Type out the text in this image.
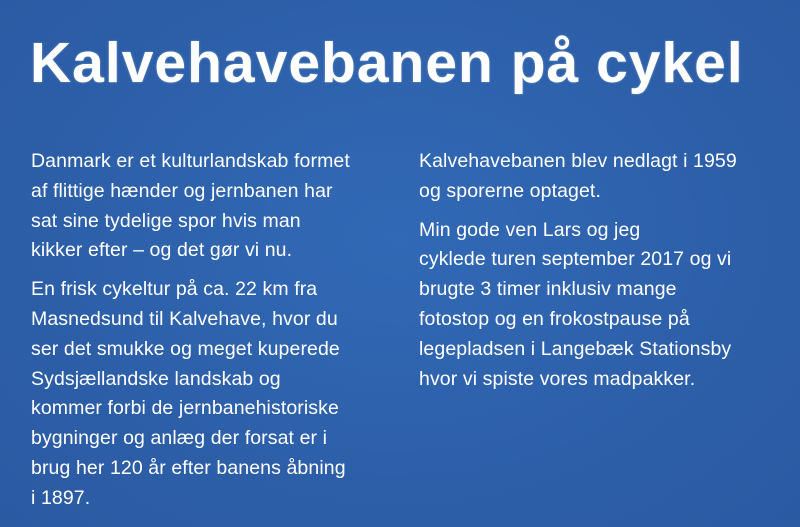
Kalvehavebanen på cykel

Danmark er et kulturlandskab formet
af flittige hænder og jernbanen har
sat sine tydelige spor hvis man
kikker efter – og det gør vi nu.

En frisk cykeltur på ca. 22 km fra
Masnedsund til Kalvehave, hvor du
ser det smukke og meget kuperede
Sydsjællandske landskab og
kommer forbi de jernbanehistoriske
bygninger og anlæg der forsat er i
brug her 120 år efter banens åbning
i 1897.

Kalvehavebanen blev nedlagt i 1959
og sporerne optaget.

Min gode ven Lars og jeg
cyklede turen september 2017 og vi
brugte 3 timer inklusiv mange
fotostop og en frokostpause på
legepladsen i Langebæk Stationsby
hvor vi spiste vores madpakker.
